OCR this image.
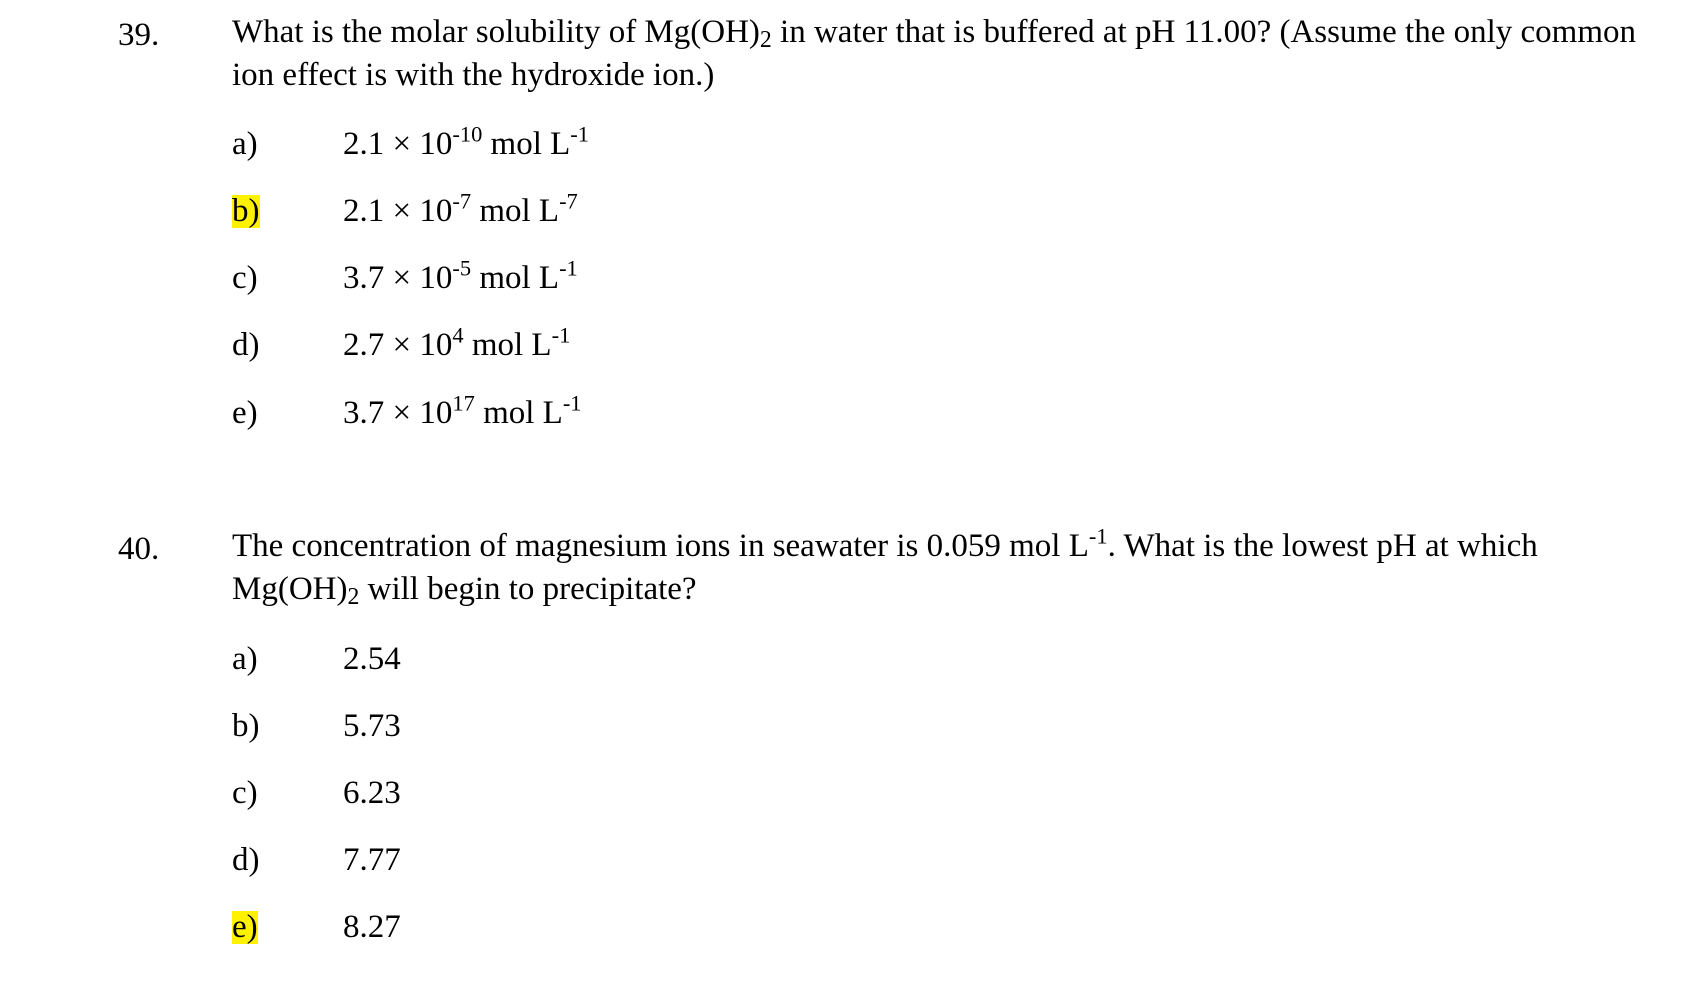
39. What is the molar solubility of $Mg(OH)_2$ in water that is buffered at pH 11.00? (Assume the only common ion effect is with the hydroxide ion.)
a)	$2.1 \times 10^{-10}$ mol $L^{-1}$
b)	$2.1 \times 10^{-7}$ mol $L^{-7}$
c)	$3.7 \times 10^{-5}$ mol $L^{-1}$
d)	$2.7 \times 10^4$ mol $L^{-1}$
e)	$3.7 \times 10^{17}$ mol $L^{-1}$
40. The concentration of magnesium ions in seawater is 0.059 mol $L^{-1}$. What is the lowest pH at which $Mg(OH)_2$ will begin to precipitate?
a)	2.54
b)	5.73
c)	6.23
d)	7.77
e)	8.27
